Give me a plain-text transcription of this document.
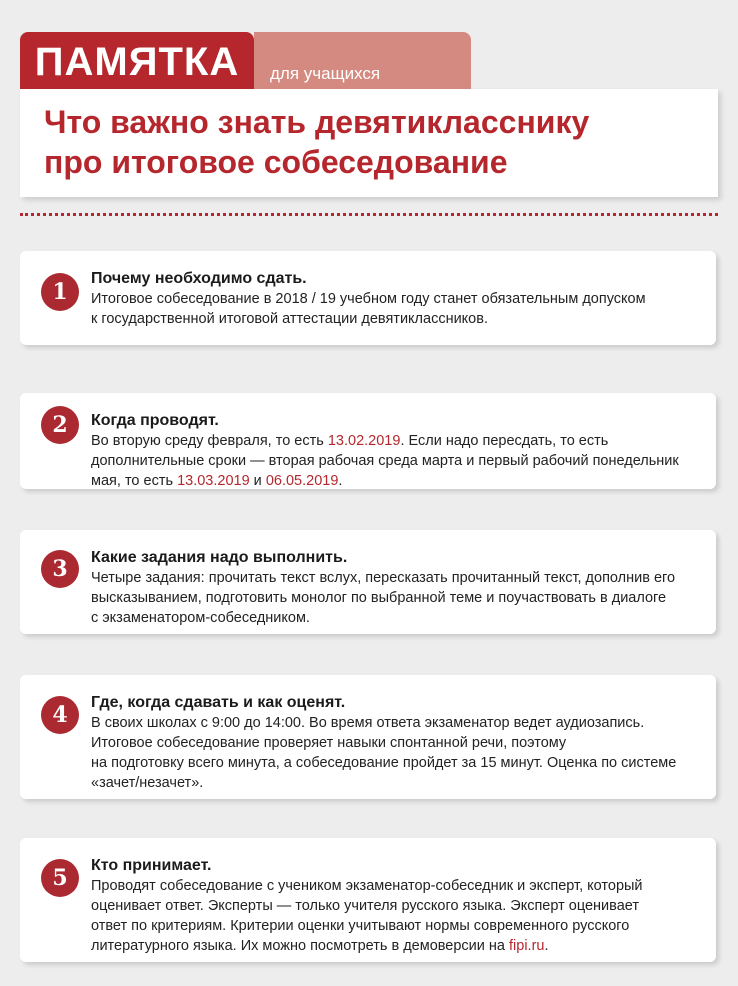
ПАМЯТКА	для учащихся
Что важно знать девятикласснику
про итоговое собеседование
1
Почему необходимо сдать.
Итоговое собеседование в 2018 / 19 учебном году станет обязательным допуском
к государственной итоговой аттестации девятиклассников.
2	Когда проводят.
Во вторую среду февраля, то есть 13.02.2019. Если надо пересдать, то есть
дополнительные сроки — вторая рабочая среда марта и первый рабочий понедельник
мая, то есть 13.03.2019 и 06.05.2019.
3	Какие задания надо выполнить.
Четыре задания: прочитать текст вслух, пересказать прочитанный текст, дополнив его
высказыванием, подготовить монолог по выбранной теме и поучаствовать в диалоге
с экзаменатором-собеседником.
4	Где, когда сдавать и как оценят.
В своих школах с 9:00 до 14:00. Во время ответа экзаменатор ведет аудиозапись.
Итоговое собеседование проверяет навыки спонтанной речи, поэтому
на подготовку всего минута, а собеседование пройдет за 15 минут. Оценка по системе
«зачет/незачет».
5	Кто принимает.
Проводят собеседование с учеником экзаменатор-собеседник и эксперт, который
оценивает ответ. Эксперты — только учителя русского языка. Эксперт оценивает
ответ по критериям. Критерии оценки учитывают нормы современного русского
литературного языка. Их можно посмотреть в демоверсии на fipi.ru.
